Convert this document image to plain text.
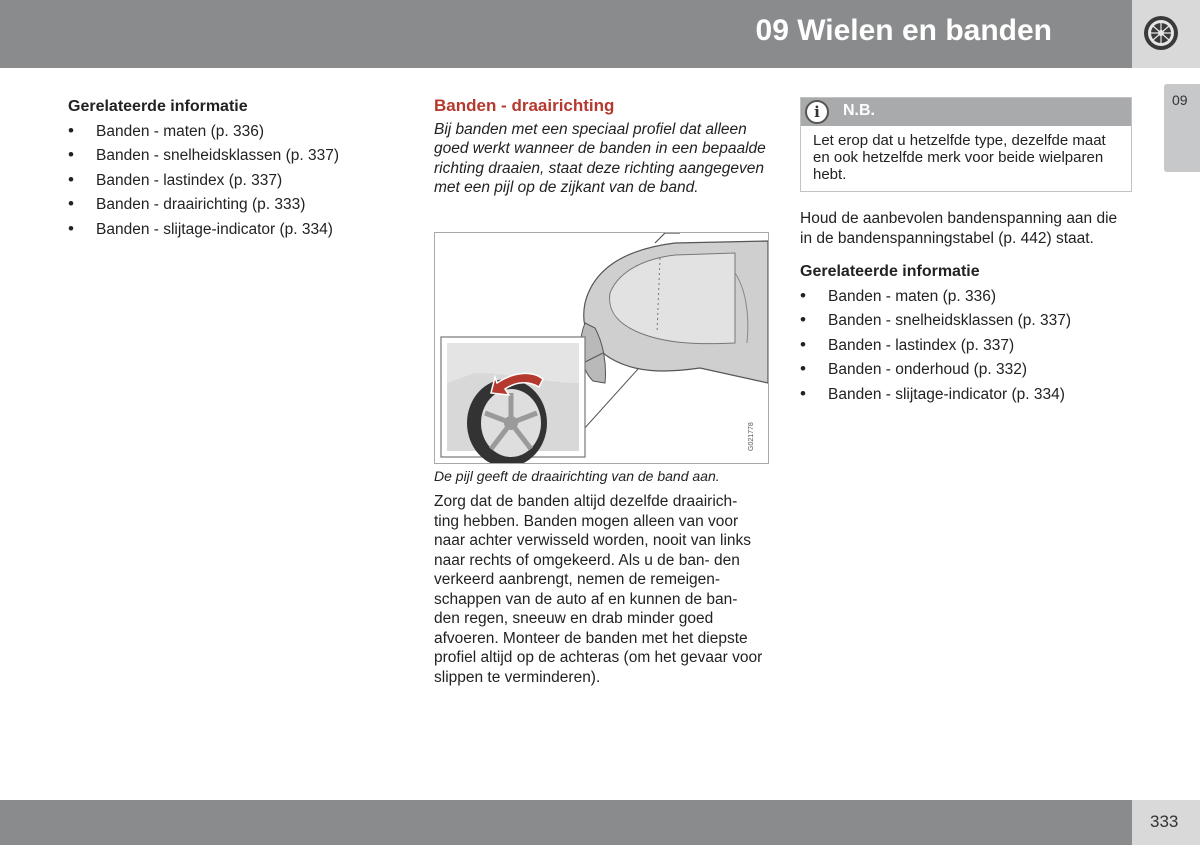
09 Wielen en banden
09

Gerelateerde informatie

• Banden - maten (p. 336)
• Banden - snelheidsklassen (p. 337)
• Banden - lastindex (p. 337)
• Banden - draairichting (p. 333)
• Banden - slijtage-indicator (p. 334)

Banden - draairichting

Bij banden met een speciaal profiel dat alleen goed werkt wanneer de banden in een bepaalde richting draaien, staat deze richting aangegeven met een pijl op de zijkant van de band.

G021778
De pijl geeft de draairichting van de band aan.

Zorg dat de banden altijd dezelfde draairich- ting hebben. Banden mogen alleen van voor naar achter verwisseld worden, nooit van links naar rechts of omgekeerd. Als u de ban- den verkeerd aanbrengt, nemen de remeigen- schappen van de auto af en kunnen de ban- den regen, sneeuw en drab minder goed afvoeren. Monteer de banden met het diepste profiel altijd op de achteras (om het gevaar voor slippen te verminderen).

i	N.B.
Let erop dat u hetzelfde type, dezelfde maat en ook hetzelfde merk voor beide wielparen hebt.

Houd de aanbevolen bandenspanning aan die in de bandenspanningstabel (p. 442) staat.

Gerelateerde informatie

• Banden - maten (p. 336)
• Banden - snelheidsklassen (p. 337)
• Banden - lastindex (p. 337)
• Banden - onderhoud (p. 332)
• Banden - slijtage-indicator (p. 334)
333
